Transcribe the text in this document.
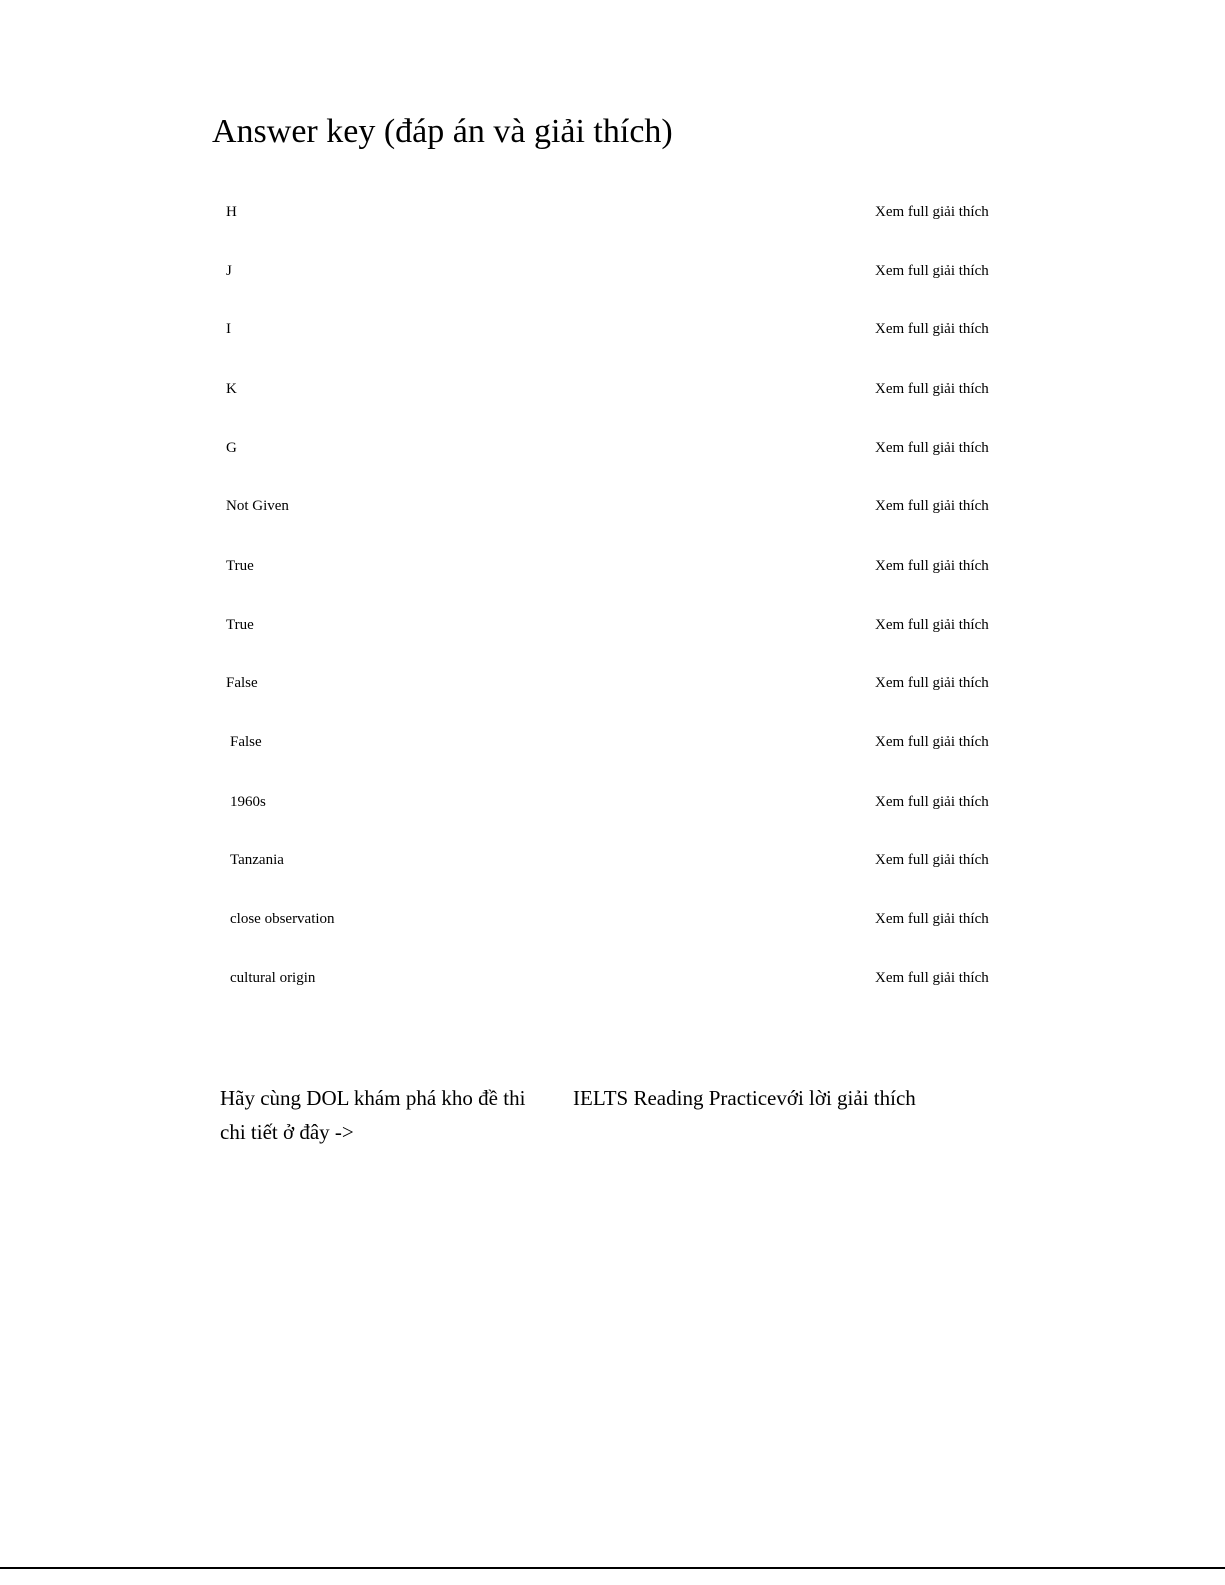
Answer key (đáp án và giải thích)
H	Xem full giải thích
J	Xem full giải thích
I	Xem full giải thích
K	Xem full giải thích
G	Xem full giải thích
Not Given	Xem full giải thích
True	Xem full giải thích
True	Xem full giải thích
False	Xem full giải thích
False	Xem full giải thích
1960s	Xem full giải thích
Tanzania	Xem full giải thích
close observation	Xem full giải thích
cultural origin	Xem full giải thích
Hãy cùng DOL khám phá kho đề thi
chi tiết ở đây ->
IELTS Reading Practicevới lời giải thích
